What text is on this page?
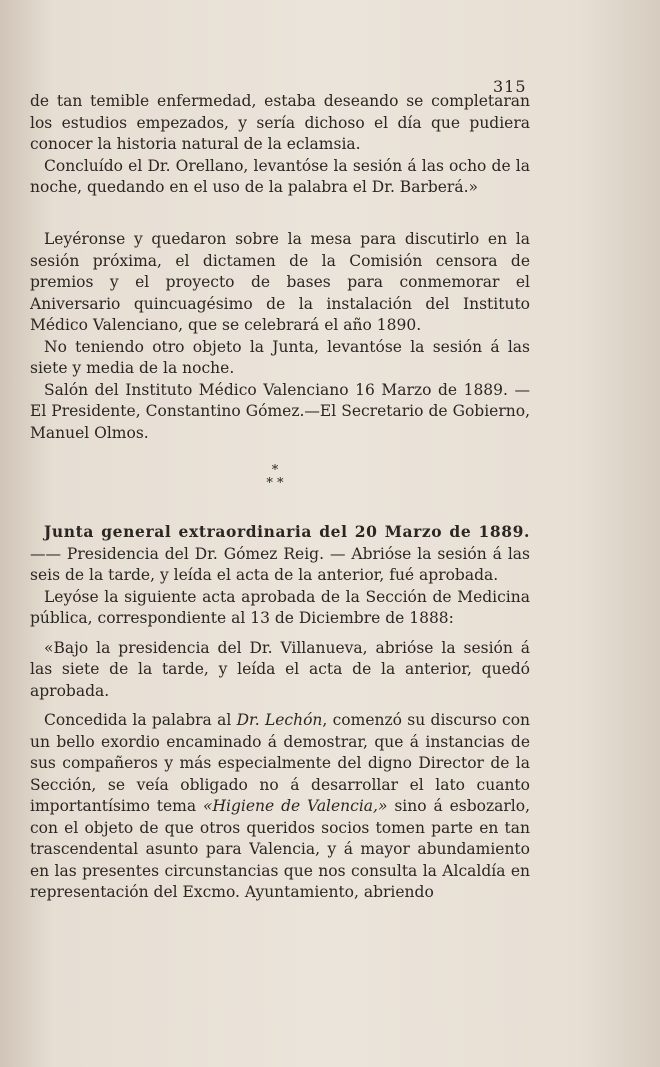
315

de tan temible enfermedad, estaba deseando se completaran los estudios empezados, y sería dichoso el día que pudiera conocer la historia natural de la eclamsia.

Concluído el Dr. Orellano, levantóse la sesión á las ocho de la noche, quedando en el uso de la palabra el Dr. Barberá.»

Leyéronse y quedaron sobre la mesa para discutirlo en la sesión próxima, el dictamen de la Comisión censora de premios y el proyecto de bases para conmemorar el Aniversario quincuagésimo de la instalación del Instituto Médico Valenciano, que se celebrará el año 1890.

No teniendo otro objeto la Junta, levantóse la sesión á las siete y media de la noche.

Salón del Instituto Médico Valenciano 16 Marzo de 1889. — El Presidente, Constantino Gómez.—El Secretario de Gobierno, Manuel Olmos.

*
* *

Junta general extraordinaria del 20 Marzo de 1889. —— Presidencia del Dr. Gómez Reig. — Abrióse la sesión á las seis de la tarde, y leída el acta de la anterior, fué aprobada.

Leyóse la siguiente acta aprobada de la Sección de Medicina pública, correspondiente al 13 de Diciembre de 1888:

«Bajo la presidencia del Dr. Villanueva, abrióse la sesión á las siete de la tarde, y leída el acta de la anterior, quedó aprobada.

Concedida la palabra al Dr. Lechón, comenzó su discurso con un bello exordio encaminado á demostrar, que á instancias de sus compañeros y más especialmente del digno Director de la Sección, se veía obligado no á desarrollar el lato cuanto importantísimo tema «Higiene de Valencia,» sino á esbozarlo, con el objeto de que otros queridos socios tomen parte en tan trascendental asunto para Valencia, y á mayor abundamiento en las presentes circunstancias que nos consulta la Alcaldía en representación del Excmo. Ayuntamiento, abriendo
